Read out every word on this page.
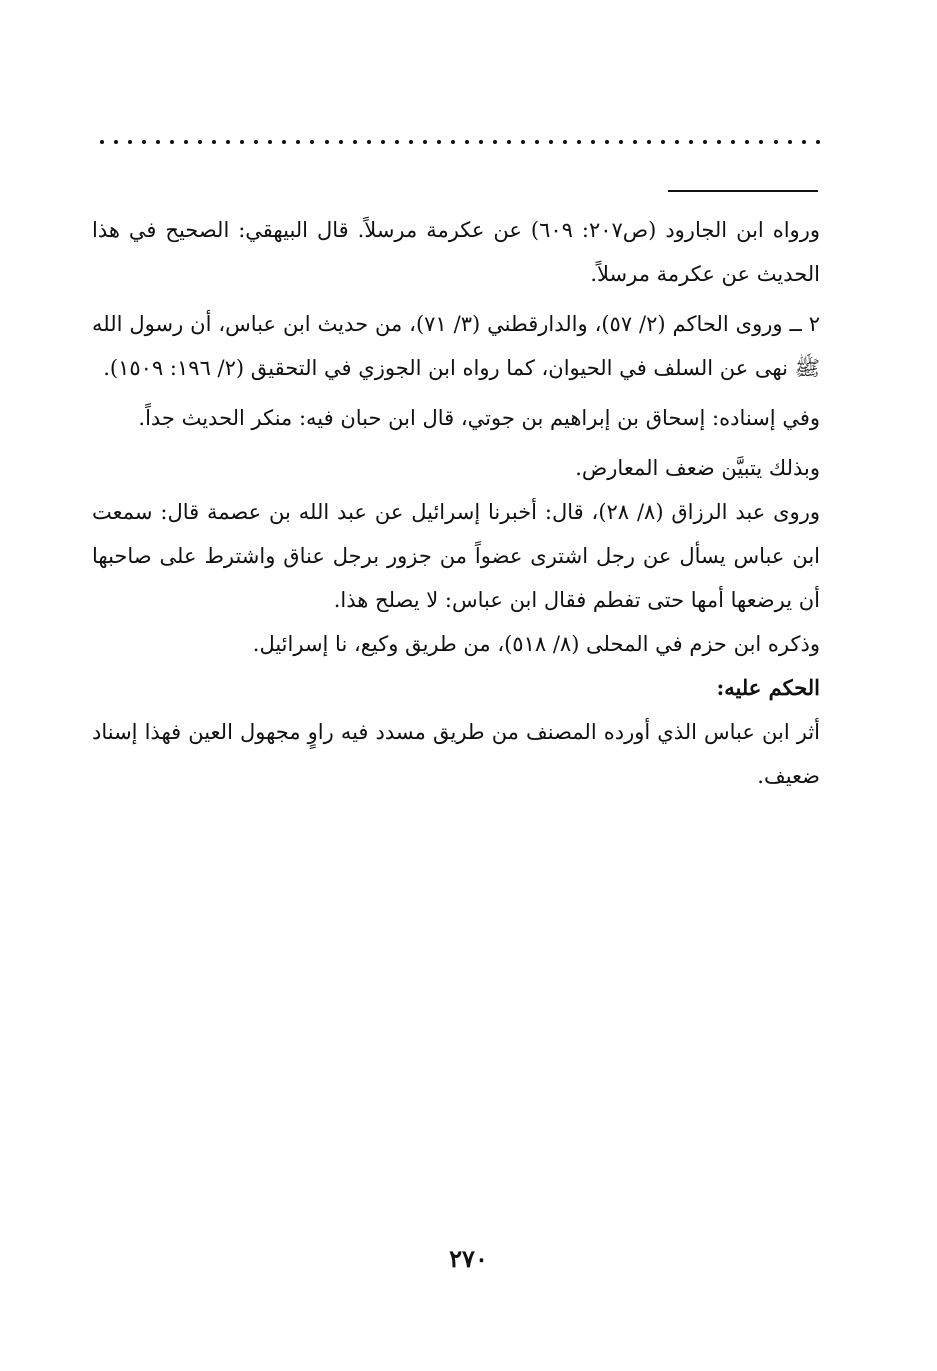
ورواه ابن الجارود (ص٢٠٧: ٦٠٩) عن عكرمة مرسلاً. قال البيهقي: الصحيح في هذا الحديث عن عكرمة مرسلاً.

٢ ــ وروى الحاكم (٢/ ٥٧)، والدارقطني (٣/ ٧١)، من حديث ابن عباس، أن رسول الله ﷺ نهى عن السلف في الحيوان، كما رواه ابن الجوزي في التحقيق (٢/ ١٩٦: ١٥٠٩).

وفي إسناده: إسحاق بن إبراهيم بن جوتي، قال ابن حبان فيه: منكر الحديث جداً.

وبذلك يتبيَّن ضعف المعارض.

وروى عبد الرزاق (٨/ ٢٨)، قال: أخبرنا إسرائيل عن عبد الله بن عصمة قال: سمعت ابن عباس يسأل عن رجل اشترى عضواً من جزور برجل عناق واشترط على صاحبها أن يرضعها أمها حتى تفطم فقال ابن عباس: لا يصلح هذا.

وذكره ابن حزم في المحلى (٨/ ٥١٨)، من طريق وكيع، نا إسرائيل.

الحكم عليه:

أثر ابن عباس الذي أورده المصنف من طريق مسدد فيه راوٍ مجهول العين فهذا إسناد ضعيف.

٢٧٠
